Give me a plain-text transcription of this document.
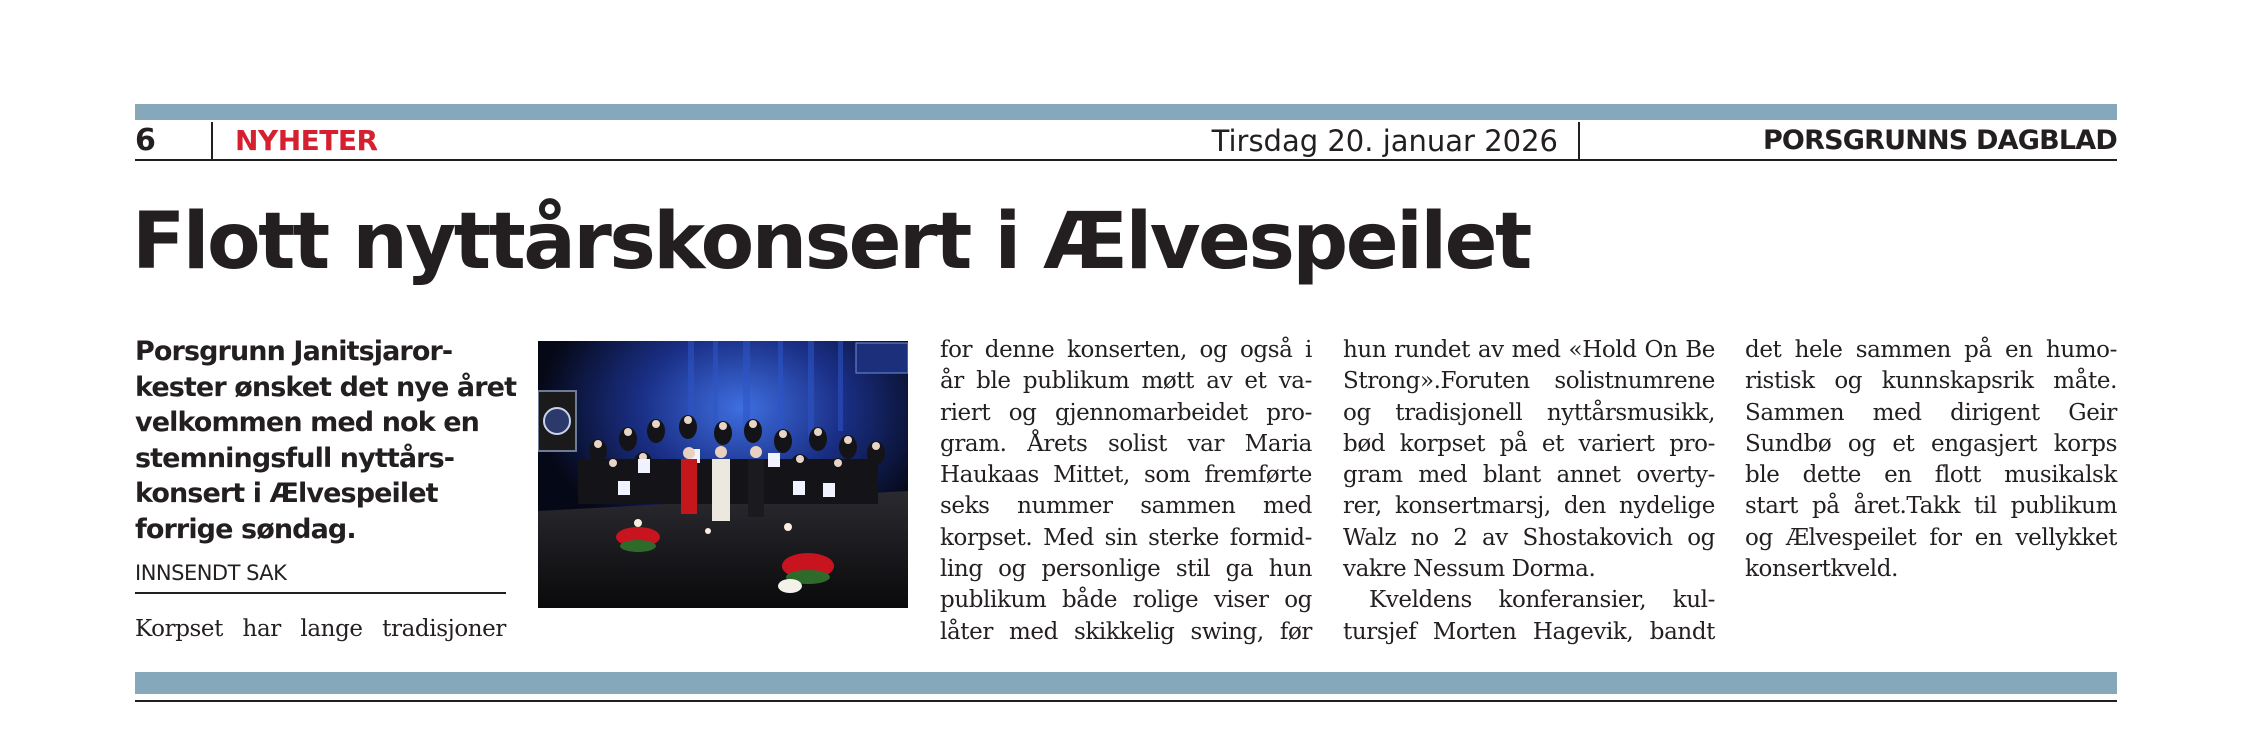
6	NYHETER	Tirsdag 20. januar 2026	PORSGRUNNS DAGBLAD
Flott nyttårskonsert i Ælvespeilet
Porsgrunn Janitsjaror-
kester ønsket det nye året
velkommen med nok en
stemningsfull nyttårs-
konsert i Ælvespeilet
forrige søndag.
INNSENDT SAK
Korpset har lange tradisjoner
for denne konserten, og også i
år ble publikum møtt av et va-
riert og gjennomarbeidet pro-
gram. Årets solist var Maria
Haukaas Mittet, som fremførte
seks nummer sammen med
korpset. Med sin sterke formid-
ling og personlige stil ga hun
publikum både rolige viser og
låter med skikkelig swing, før
hun rundet av med «Hold On Be
Strong».Foruten solistnumrene
og tradisjonell nyttårsmusikk,
bød korpset på et variert pro-
gram med blant annet overty-
rer, konsertmarsj, den nydelige
Walz no 2 av Shostakovich og
vakre Nessum Dorma.
Kveldens konferansier, kul-
tursjef Morten Hagevik, bandt
det hele sammen på en humo-
ristisk og kunnskapsrik måte.
Sammen med dirigent Geir
Sundbø og et engasjert korps
ble dette en flott musikalsk
start på året.Takk til publikum
og Ælvespeilet for en vellykket
konsertkveld.
